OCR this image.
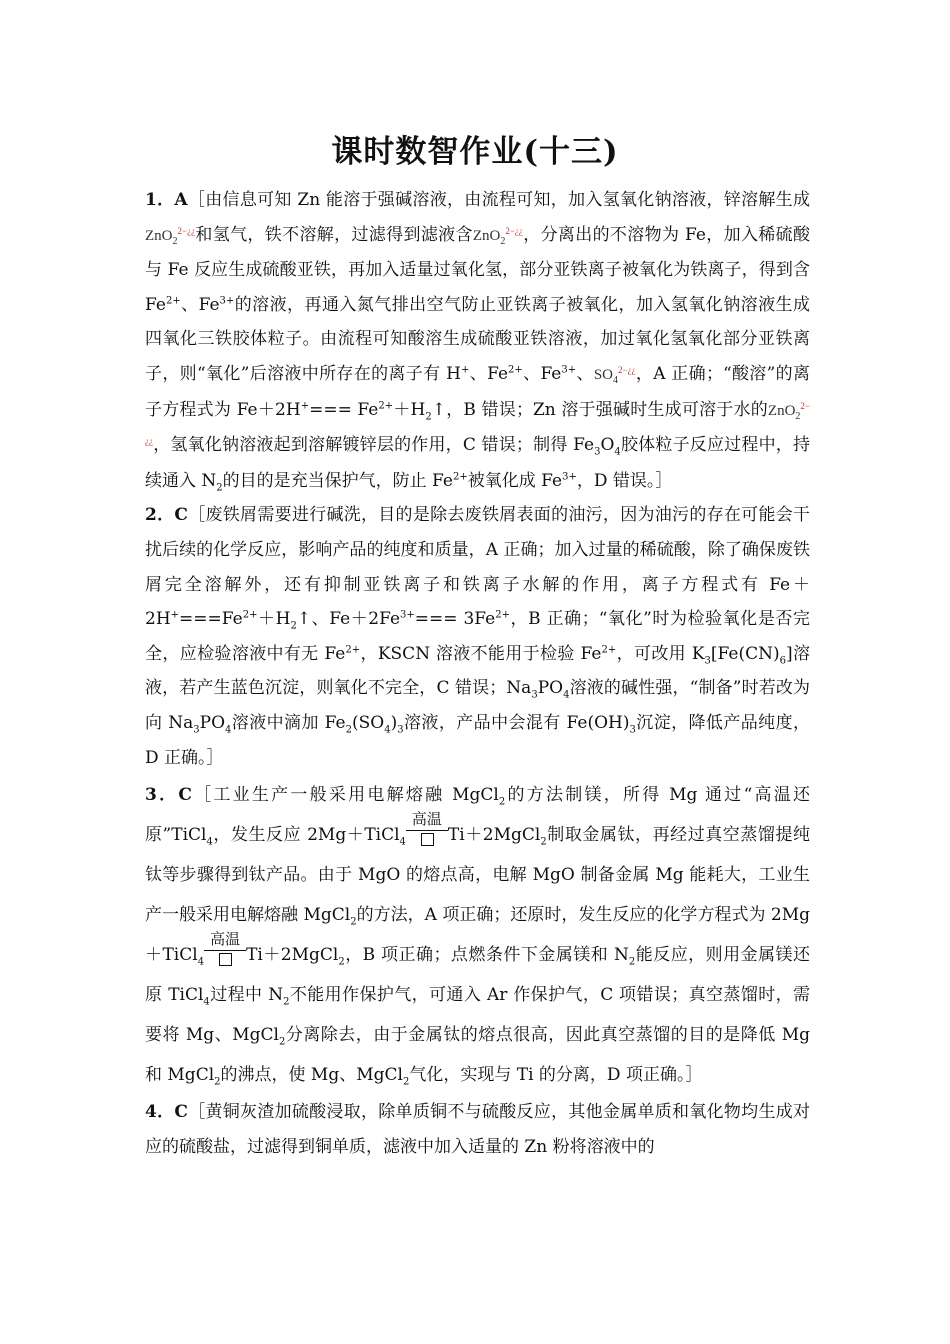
课时数智作业(十三)

1．A［由信息可知 Zn 能溶于强碱溶液，由流程可知，加入氢氧化钠溶液，锌溶解生成ZnO$_2^{2-¿¿}$和氢气，铁不溶解，过滤得到滤液含ZnO$_2^{2-¿¿}$，分离出的不溶物为 Fe，加入稀硫酸与 Fe 反应生成硫酸亚铁，再加入适量过氧化氢，部分亚铁离子被氧化为铁离子，得到含 $Fe^{2+}$、$Fe^{3+}$的溶液，再通入氮气排出空气防止亚铁离子被氧化，加入氢氧化钠溶液生成四氧化三铁胶体粒子。由流程可知酸溶生成硫酸亚铁溶液，加过氧化氢氧化部分亚铁离子，则“氧化”后溶液中所存在的离子有 H+、$Fe^{2+}$、$Fe^{3+}$、$SO_4^{2-¿¿}$，A 正确；“酸溶”的离子方程式为 $Fe+2H^+=== Fe^{2+}+H_2↑$，B 错误；Zn 溶于强碱时生成可溶于水的ZnO$_2^{2-¿¿}$，氢氧化钠溶液起到溶解镀锌层的作用，C 错误；制得 $Fe_3O_4$胶体粒子反应过程中，持续通入 $N_2$的目的是充当保护气，防止 $Fe^{2+}$被氧化成 $Fe^{3+}$，D 错误。］

2．C［废铁屑需要进行碱洗，目的是除去废铁屑表面的油污，因为油污的存在可能会干扰后续的化学反应，影响产品的纯度和质量，A 正确；加入过量的稀硫酸，除了确保废铁屑完全溶解外，还有抑制亚铁离子和铁离子水解的作用，离子方程式有 $Fe+2H^+===Fe^{2+}+H_2↑$、$Fe+2Fe^{3+}=== 3Fe^{2+}$，B 正确；“氧化”时为检验氧化是否完全，应检验溶液中有无 $Fe^{2+}$，KSCN 溶液不能用于检验 $Fe^{2+}$，可改用 $K_3[Fe(CN)_6]$溶液，若产生蓝色沉淀，则氧化不完全，C 错误；$Na_3PO_4$溶液的碱性强，“制备”时若改为向 $Na_3PO_4$溶液中滴加 $Fe_2(SO_4)_3$溶液，产品中会混有 $Fe(OH)_3$沉淀，降低产品纯度，D 正确。］

3．C［工业生产一般采用电解熔融 MgCl$_2$的方法制镁，所得 Mg 通过“高温还原”TiCl$_4$，发生反应 2Mg＋TiCl$_4$
高温
Ti＋2MgCl$_2$制取金属钛，再经过真空蒸馏提纯钛等步骤得到钛产品。由于 MgO 的熔点高，电解 MgO 制备金属 Mg 能耗大，工业生产一般采用电解熔融 MgCl$_2$的方法，A 项正确；还原时，发生反应的化学方程式为 2Mg＋TiCl$_4$
高温
Ti＋2MgCl$_2$，B 项正确；点燃条件下金属镁和 $N_2$能反应，则用金属镁还原 TiCl$_4$过程中 $N_2$不能用作保护气，可通入 Ar 作保护气，C 项错误；真空蒸馏时，需要将 Mg、MgCl$_2$分离除去，由于金属钛的熔点很高，因此真空蒸馏的目的是降低 Mg 和 MgCl$_2$的沸点，使 Mg、MgCl$_2$气化，实现与 Ti 的分离，D 项正确。］

4．C［黄铜灰渣加硫酸浸取，除单质铜不与硫酸反应，其他金属单质和氧化物均生成对应的硫酸盐，过滤得到铜单质，滤液中加入适量的 Zn 粉将溶液中的
